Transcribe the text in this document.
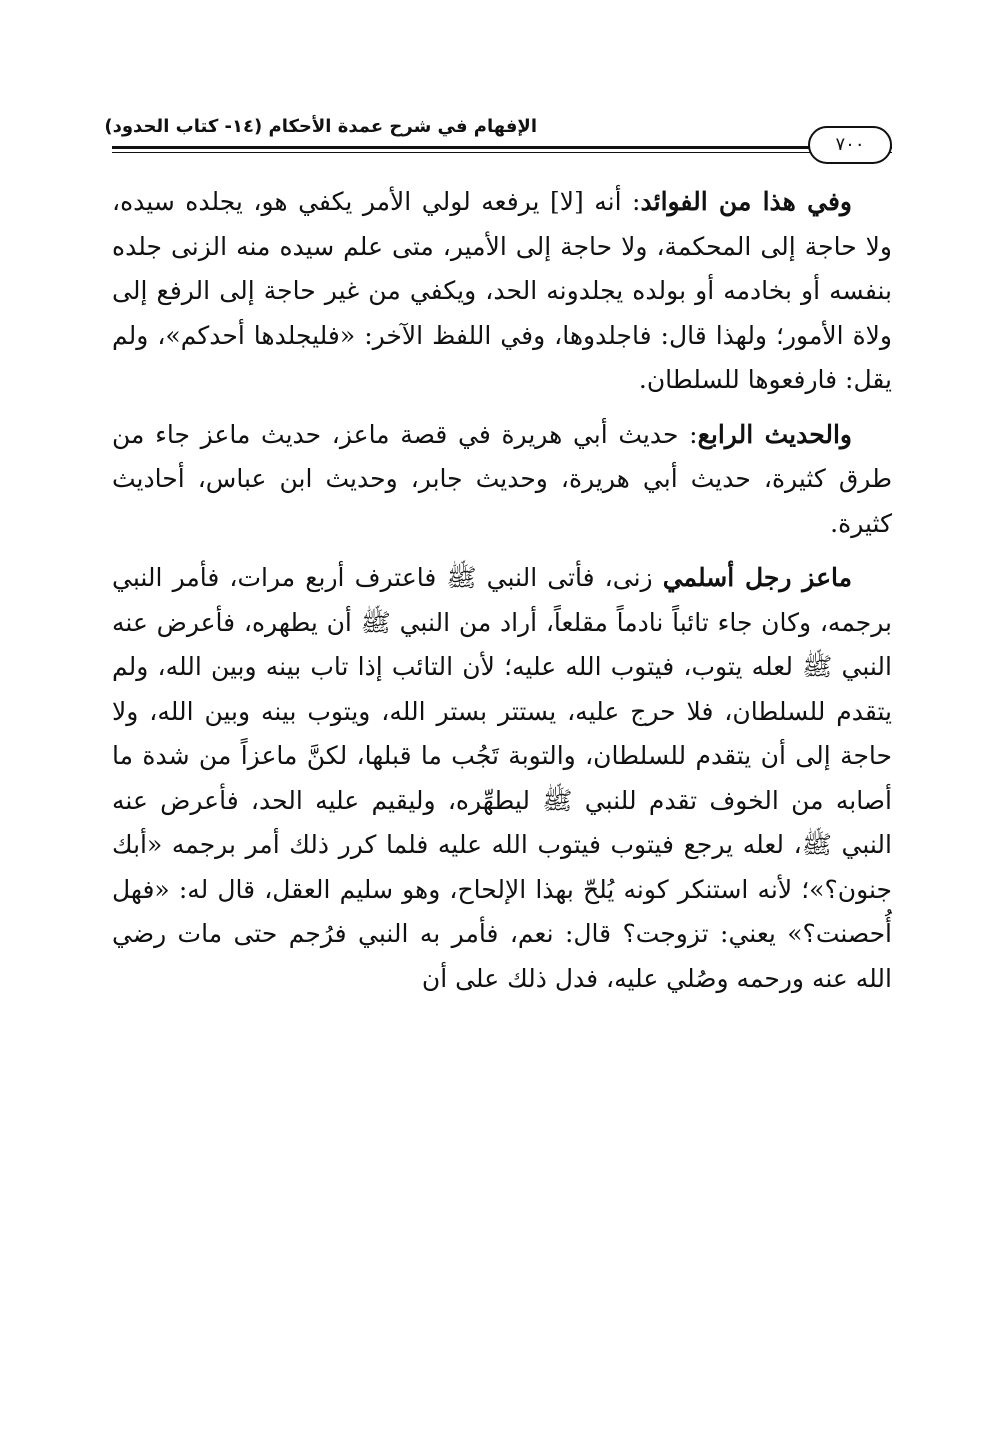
الإفهام في شرح عمدة الأحكام (١٤- كتاب الحدود)
٧٠٠

وفي هذا من الفوائد: أنه [لا] يرفعه لولي الأمر يكفي هو، يجلده سيده، ولا حاجة إلى المحكمة، ولا حاجة إلى الأمير، متى علم سيده منه الزنى جلده بنفسه أو بخادمه أو بولده يجلدونه الحد، ويكفي من غير حاجة إلى الرفع إلى ولاة الأمور؛ ولهذا قال: فاجلدوها، وفي اللفظ الآخر: «فليجلدها أحدكم»، ولم يقل: فارفعوها للسلطان.

والحديث الرابع: حديث أبي هريرة في قصة ماعز، حديث ماعز جاء من طرق كثيرة، حديث أبي هريرة، وحديث جابر، وحديث ابن عباس، أحاديث كثيرة.

ماعز رجل أسلمي زنى، فأتى النبي ﷺ فاعترف أربع مرات، فأمر النبي برجمه، وكان جاء تائباً نادماً مقلعاً، أراد من النبي ﷺ أن يطهره، فأعرض عنه النبي ﷺ لعله يتوب، فيتوب الله عليه؛ لأن التائب إذا تاب بينه وبين الله، ولم يتقدم للسلطان، فلا حرج عليه، يستتر بستر الله، ويتوب بينه وبين الله، ولا حاجة إلى أن يتقدم للسلطان، والتوبة تَجُب ما قبلها، لكنَّ ماعزاً من شدة ما أصابه من الخوف تقدم للنبي ﷺ ليطهِّره، وليقيم عليه الحد، فأعرض عنه النبي ﷺ، لعله يرجع فيتوب فيتوب الله عليه فلما كرر ذلك أمر برجمه «أبك جنون؟»؛ لأنه استنكر كونه يُلحّ بهذا الإلحاح، وهو سليم العقل، قال له: «فهل أُحصنت؟» يعني: تزوجت؟ قال: نعم، فأمر به النبي فرُجم حتى مات رضي الله عنه ورحمه وصُلي عليه، فدل ذلك على أن
